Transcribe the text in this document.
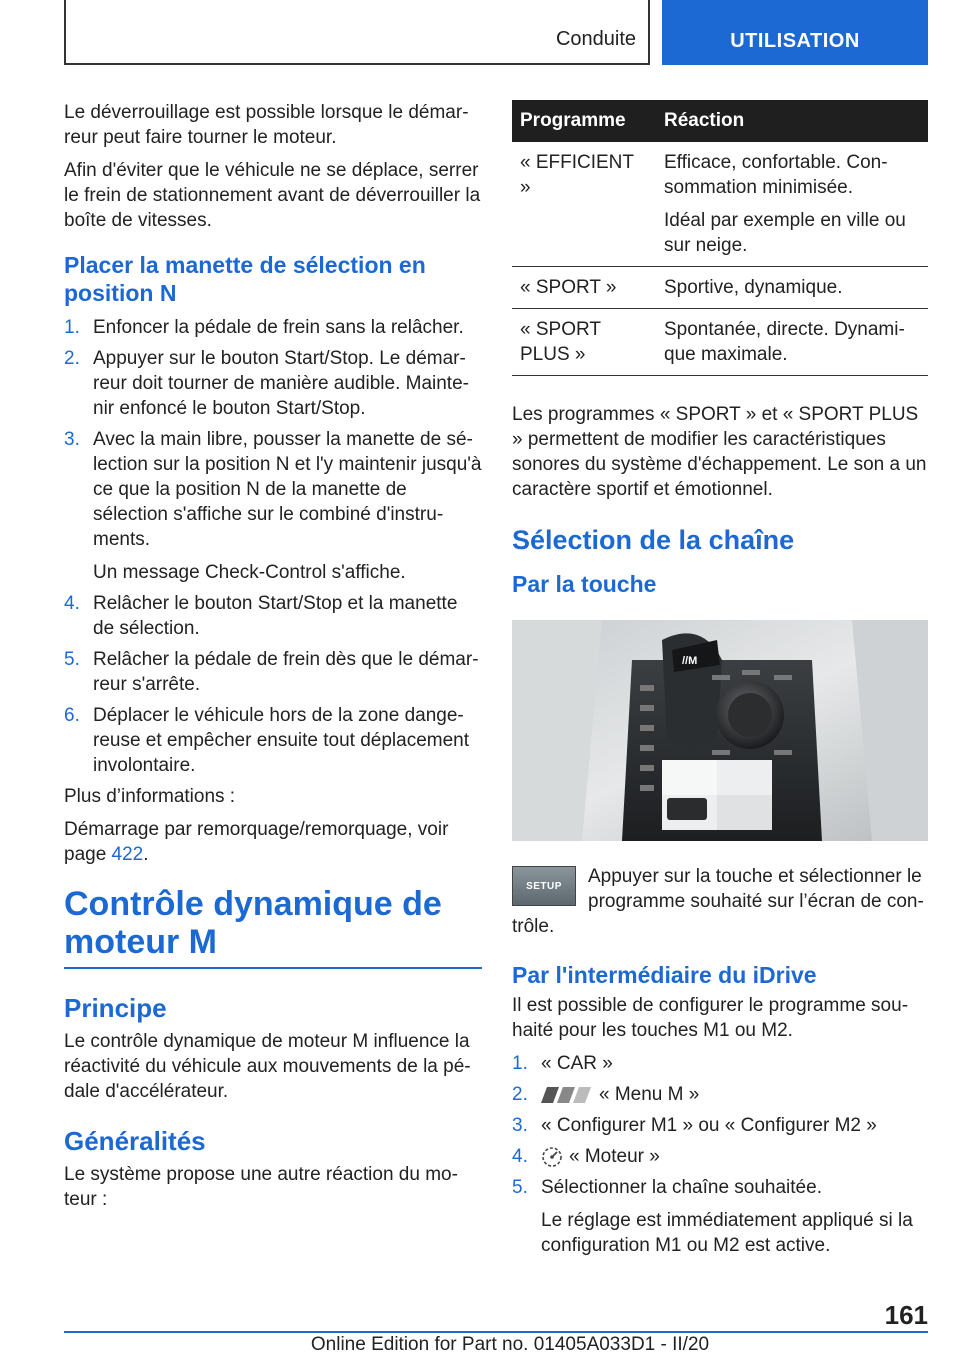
Conduite	UTILISATION

Le déverrouillage est possible lorsque le démarreur peut faire tourner le moteur.

Afin d'éviter que le véhicule ne se déplace, serrer le frein de stationnement avant de déverrouiller la boîte de vitesses.

Placer la manette de sélection en position N
1. Enfoncer la pédale de frein sans la relâcher.
2. Appuyer sur le bouton Start/Stop. Le démarreur doit tourner de manière audible. Maintenir enfoncé le bouton Start/Stop.
3. Avec la main libre, pousser la manette de sélection sur la position N et l'y maintenir jusqu'à ce que la position N de la manette de sélection s'affiche sur le combiné d'instruments.
Un message Check-Control s'affiche.
4. Relâcher le bouton Start/Stop et la manette de sélection.
5. Relâcher la pédale de frein dès que le démarreur s'arrête.
6. Déplacer le véhicule hors de la zone dangereuse et empêcher ensuite tout déplacement involontaire.

Plus d’informations :

Démarrage par remorquage/remorquage, voir page 422.

Contrôle dynamique de moteur M
Principe

Le contrôle dynamique de moteur M influence la réactivité du véhicule aux mouvements de la pédale d'accélérateur.

Généralités

Le système propose une autre réaction du moteur :

Programme	Réaction
« EFFICIENT »	Efficace, confortable. Consommation minimisée.

Idéal par exemple en ville ou sur neige.

« SPORT »	Sportive, dynamique.

« SPORT PLUS »	Spontanée, directe. Dynamique maximale.

Les programmes « SPORT » et « SPORT PLUS » permettent de modifier les caractéristiques sonores du système d'échappement. Le son a un caractère sportif et émotionnel.

Sélection de la chaîne
Par la touche
//M
SETUP	Appuyer sur la touche et sélectionner le programme souhaité sur l’écran de contrôle.
Par l'intermédiaire du iDrive

Il est possible de configurer le programme souhaité pour les touches M1 ou M2.

1. « CAR »
2.	« Menu M »
3. « Configurer M1 » ou « Configurer M2 »
4.	« Moteur »
5. Sélectionner la chaîne souhaitée.
Le réglage est immédiatement appliqué si la configuration M1 ou M2 est active.
161
Online Edition for Part no. 01405A033D1 - II/20
